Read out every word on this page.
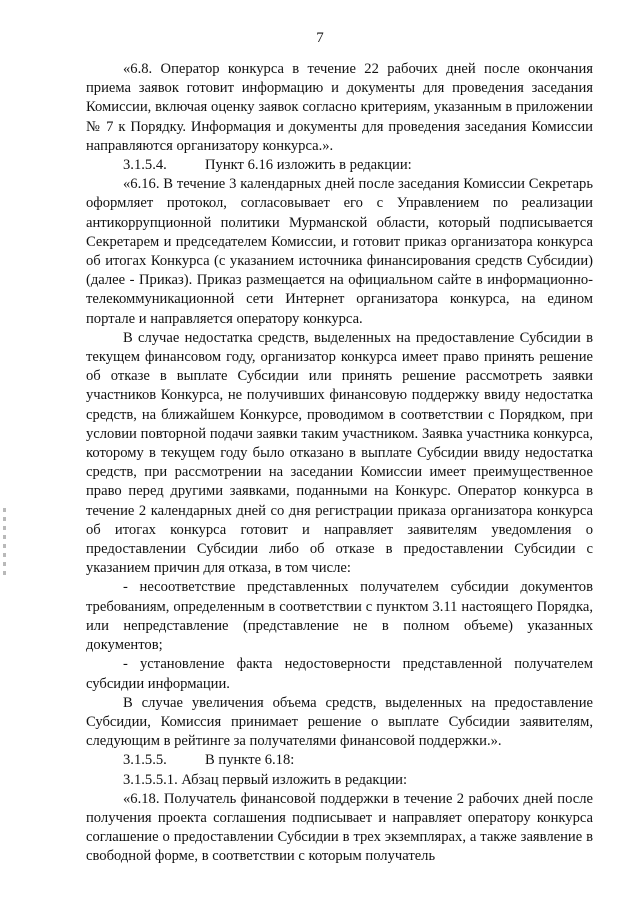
7

«6.8. Оператор конкурса в течение 22 рабочих дней после окончания приема заявок готовит информацию и документы для проведения заседания Комиссии, включая оценку заявок согласно критериям, указанным в приложении № 7 к Порядку. Информация и документы для проведения заседания Комиссии направляются организатору конкурса.».

3.1.5.4.	Пункт 6.16 изложить в редакции:

«6.16. В течение 3 календарных дней после заседания Комиссии Секретарь оформляет протокол, согласовывает его с Управлением по реализации антикоррупционной политики Мурманской области, который подписывается Секретарем и председателем Комиссии, и готовит приказ организатора конкурса об итогах Конкурса (с указанием источника финансирования средств Субсидии) (далее - Приказ). Приказ размещается на официальном сайте в информационно-телекоммуникационной сети Интернет организатора конкурса, на едином портале и направляется оператору конкурса.

В случае недостатка средств, выделенных на предоставление Субсидии в текущем финансовом году, организатор конкурса имеет право принять решение об отказе в выплате Субсидии или принять решение рассмотреть заявки участников Конкурса, не получивших финансовую поддержку ввиду недостатка средств, на ближайшем Конкурсе, проводимом в соответствии с Порядком, при условии повторной подачи заявки таким участником. Заявка участника конкурса, которому в текущем году было отказано в выплате Субсидии ввиду недостатка средств, при рассмотрении на заседании Комиссии имеет преимущественное право перед другими заявками, поданными на Конкурс. Оператор конкурса в течение 2 календарных дней со дня регистрации приказа организатора конкурса об итогах конкурса готовит и направляет заявителям уведомления о предоставлении Субсидии либо об отказе в предоставлении Субсидии с указанием причин для отказа, в том числе:

- несоответствие представленных получателем субсидии документов требованиям, определенным в соответствии с пунктом 3.11 настоящего Порядка, или непредставление (представление не в полном объеме) указанных документов;

- установление факта недостоверности представленной получателем субсидии информации.

В случае увеличения объема средств, выделенных на предоставление Субсидии, Комиссия принимает решение о выплате Субсидии заявителям, следующим в рейтинге за получателями финансовой поддержки.».

3.1.5.5.	В пункте 6.18:

3.1.5.5.1. Абзац первый изложить в редакции:

«6.18. Получатель финансовой поддержки в течение 2 рабочих дней после получения проекта соглашения подписывает и направляет оператору конкурса соглашение о предоставлении Субсидии в трех экземплярах, а также заявление в свободной форме, в соответствии с которым получатель
